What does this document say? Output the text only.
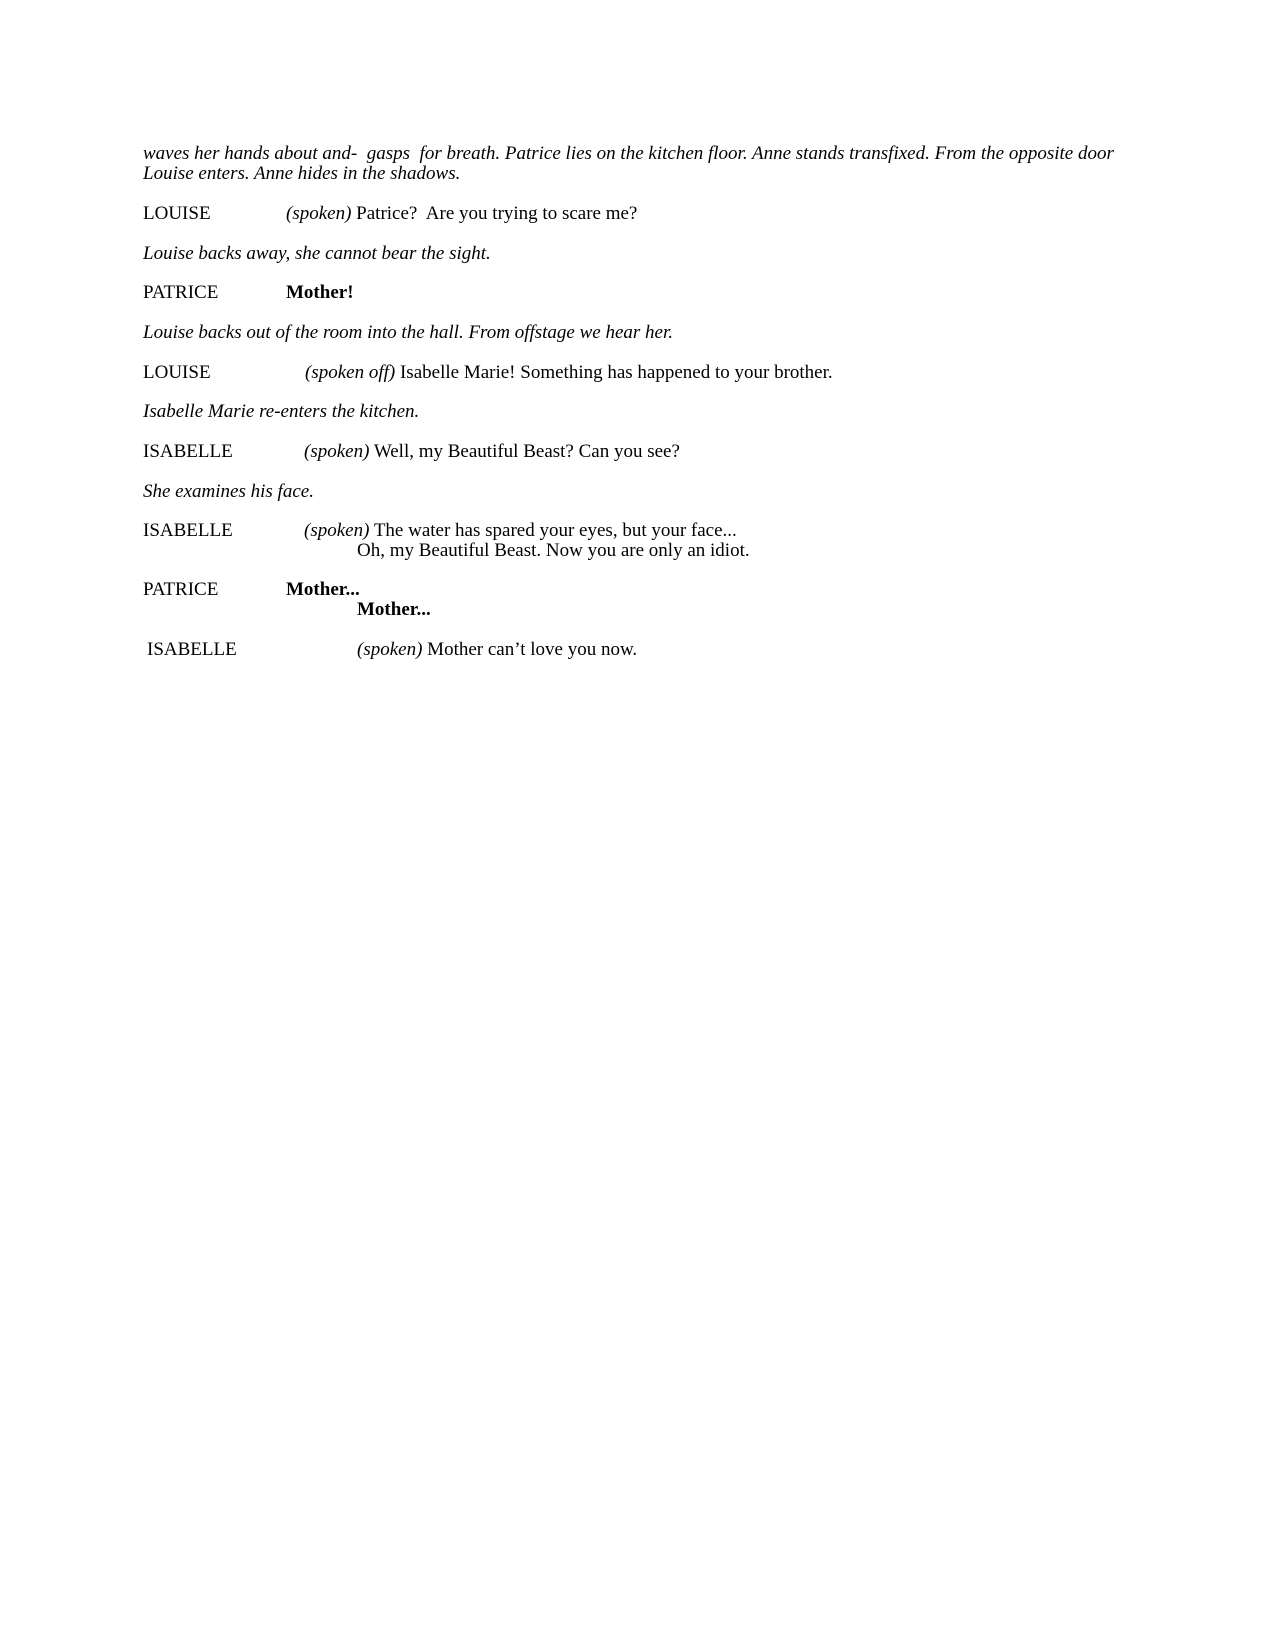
waves her hands about and-  gasps  for breath. Patrice lies on the kitchen floor. Anne stands transfixed. From the opposite door
Louise enters. Anne hides in the shadows.
LOUISE	(spoken) Patrice?  Are you trying to scare me?
Louise backs away, she cannot bear the sight.
PATRICE	Mother!
Louise backs out of the room into the hall. From offstage we hear her.
LOUISE	(spoken off) Isabelle Marie! Something has happened to your brother.
Isabelle Marie re-enters the kitchen.
ISABELLE	(spoken) Well, my Beautiful Beast? Can you see?
She examines his face.
ISABELLE	(spoken) The water has spared your eyes, but your face...
Oh, my Beautiful Beast. Now you are only an idiot.
PATRICE	Mother...
Mother...
ISABELLE	(spoken) Mother can’t love you now.
